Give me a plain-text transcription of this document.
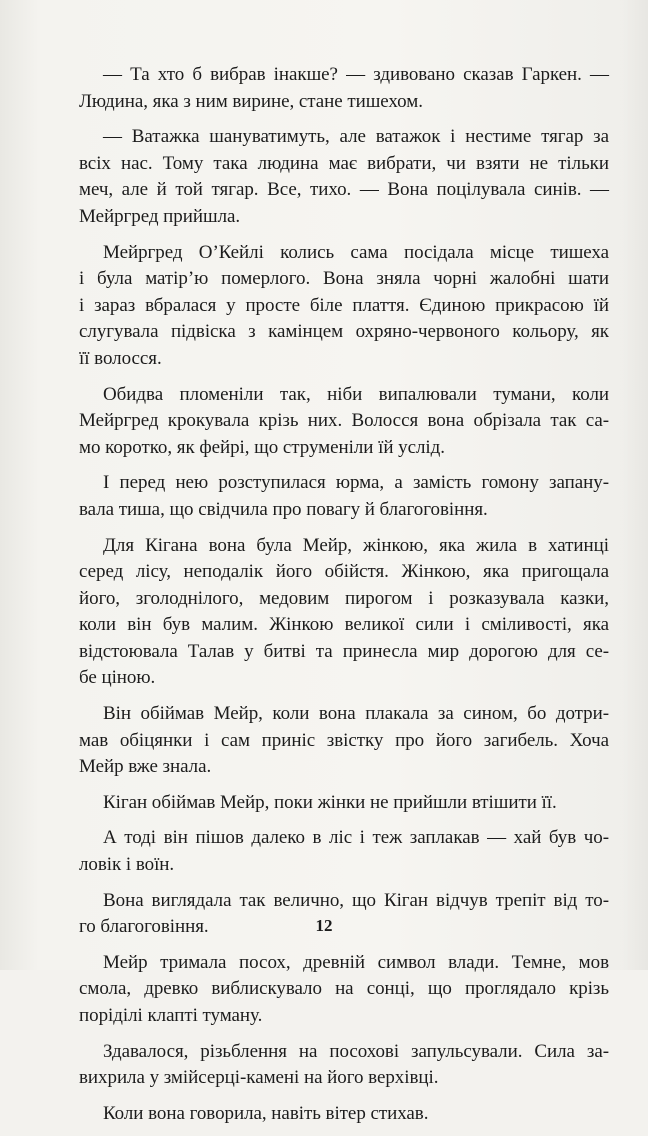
— Та хто б вибрав інакше? — здивовано сказав Гаркен. —
Людина, яка з ним вирине, стане тишехом.

— Ватажка шануватимуть, але ватажок і нестиме тягар за
всіх нас. Тому така людина має вибрати, чи взяти не тільки
меч, але й той тягар. Все, тихо. — Вона поцілувала синів. —
Мейргред прийшла.

Мейргред О’Кейлі колись сама посідала місце тишеха
і була матір’ю померлого. Вона зняла чорні жалобні шати
і зараз вбралася у просте біле плаття. Єдиною прикрасою їй
слугувала підвіска з камінцем охряно-червоного кольору, як
її волосся.

Обидва пломеніли так, ніби випалювали тумани, коли
Мейргред крокувала крізь них. Волосся вона обрізала так са-
мо коротко, як фейрі, що струменіли їй услід.

І перед нею розступилася юрма, а замість гомону запану-
вала тиша, що свідчила про повагу й благоговіння.

Для Кігана вона була Мейр, жінкою, яка жила в хатинці
серед лісу, неподалік його обійстя. Жінкою, яка пригощала
його, зголоднілого, медовим пирогом і розказувала казки,
коли він був малим. Жінкою великої сили і сміливості, яка
відстоювала Талав у битві та принесла мир дорогою для се-
бе ціною.

Він обіймав Мейр, коли вона плакала за сином, бо дотри-
мав обіцянки і сам приніс звістку про його загибель. Хоча
Мейр вже знала.

Кіган обіймав Мейр, поки жінки не прийшли втішити її.

А тоді він пішов далеко в ліс і теж заплакав — хай був чо-
ловік і воїн.

Вона виглядала так велично, що Кіган відчув трепіт від то-
го благоговіння.

Мейр тримала посох, древній символ влади. Темне, мов
смола, древко виблискувало на сонці, що проглядало крізь
поріділі клапті туману.

Здавалося, різьблення на посохові запульсували. Сила за-
вихрила у змійсерці-камені на його верхівці.

Коли вона говорила, навіть вітер стихав.

12
